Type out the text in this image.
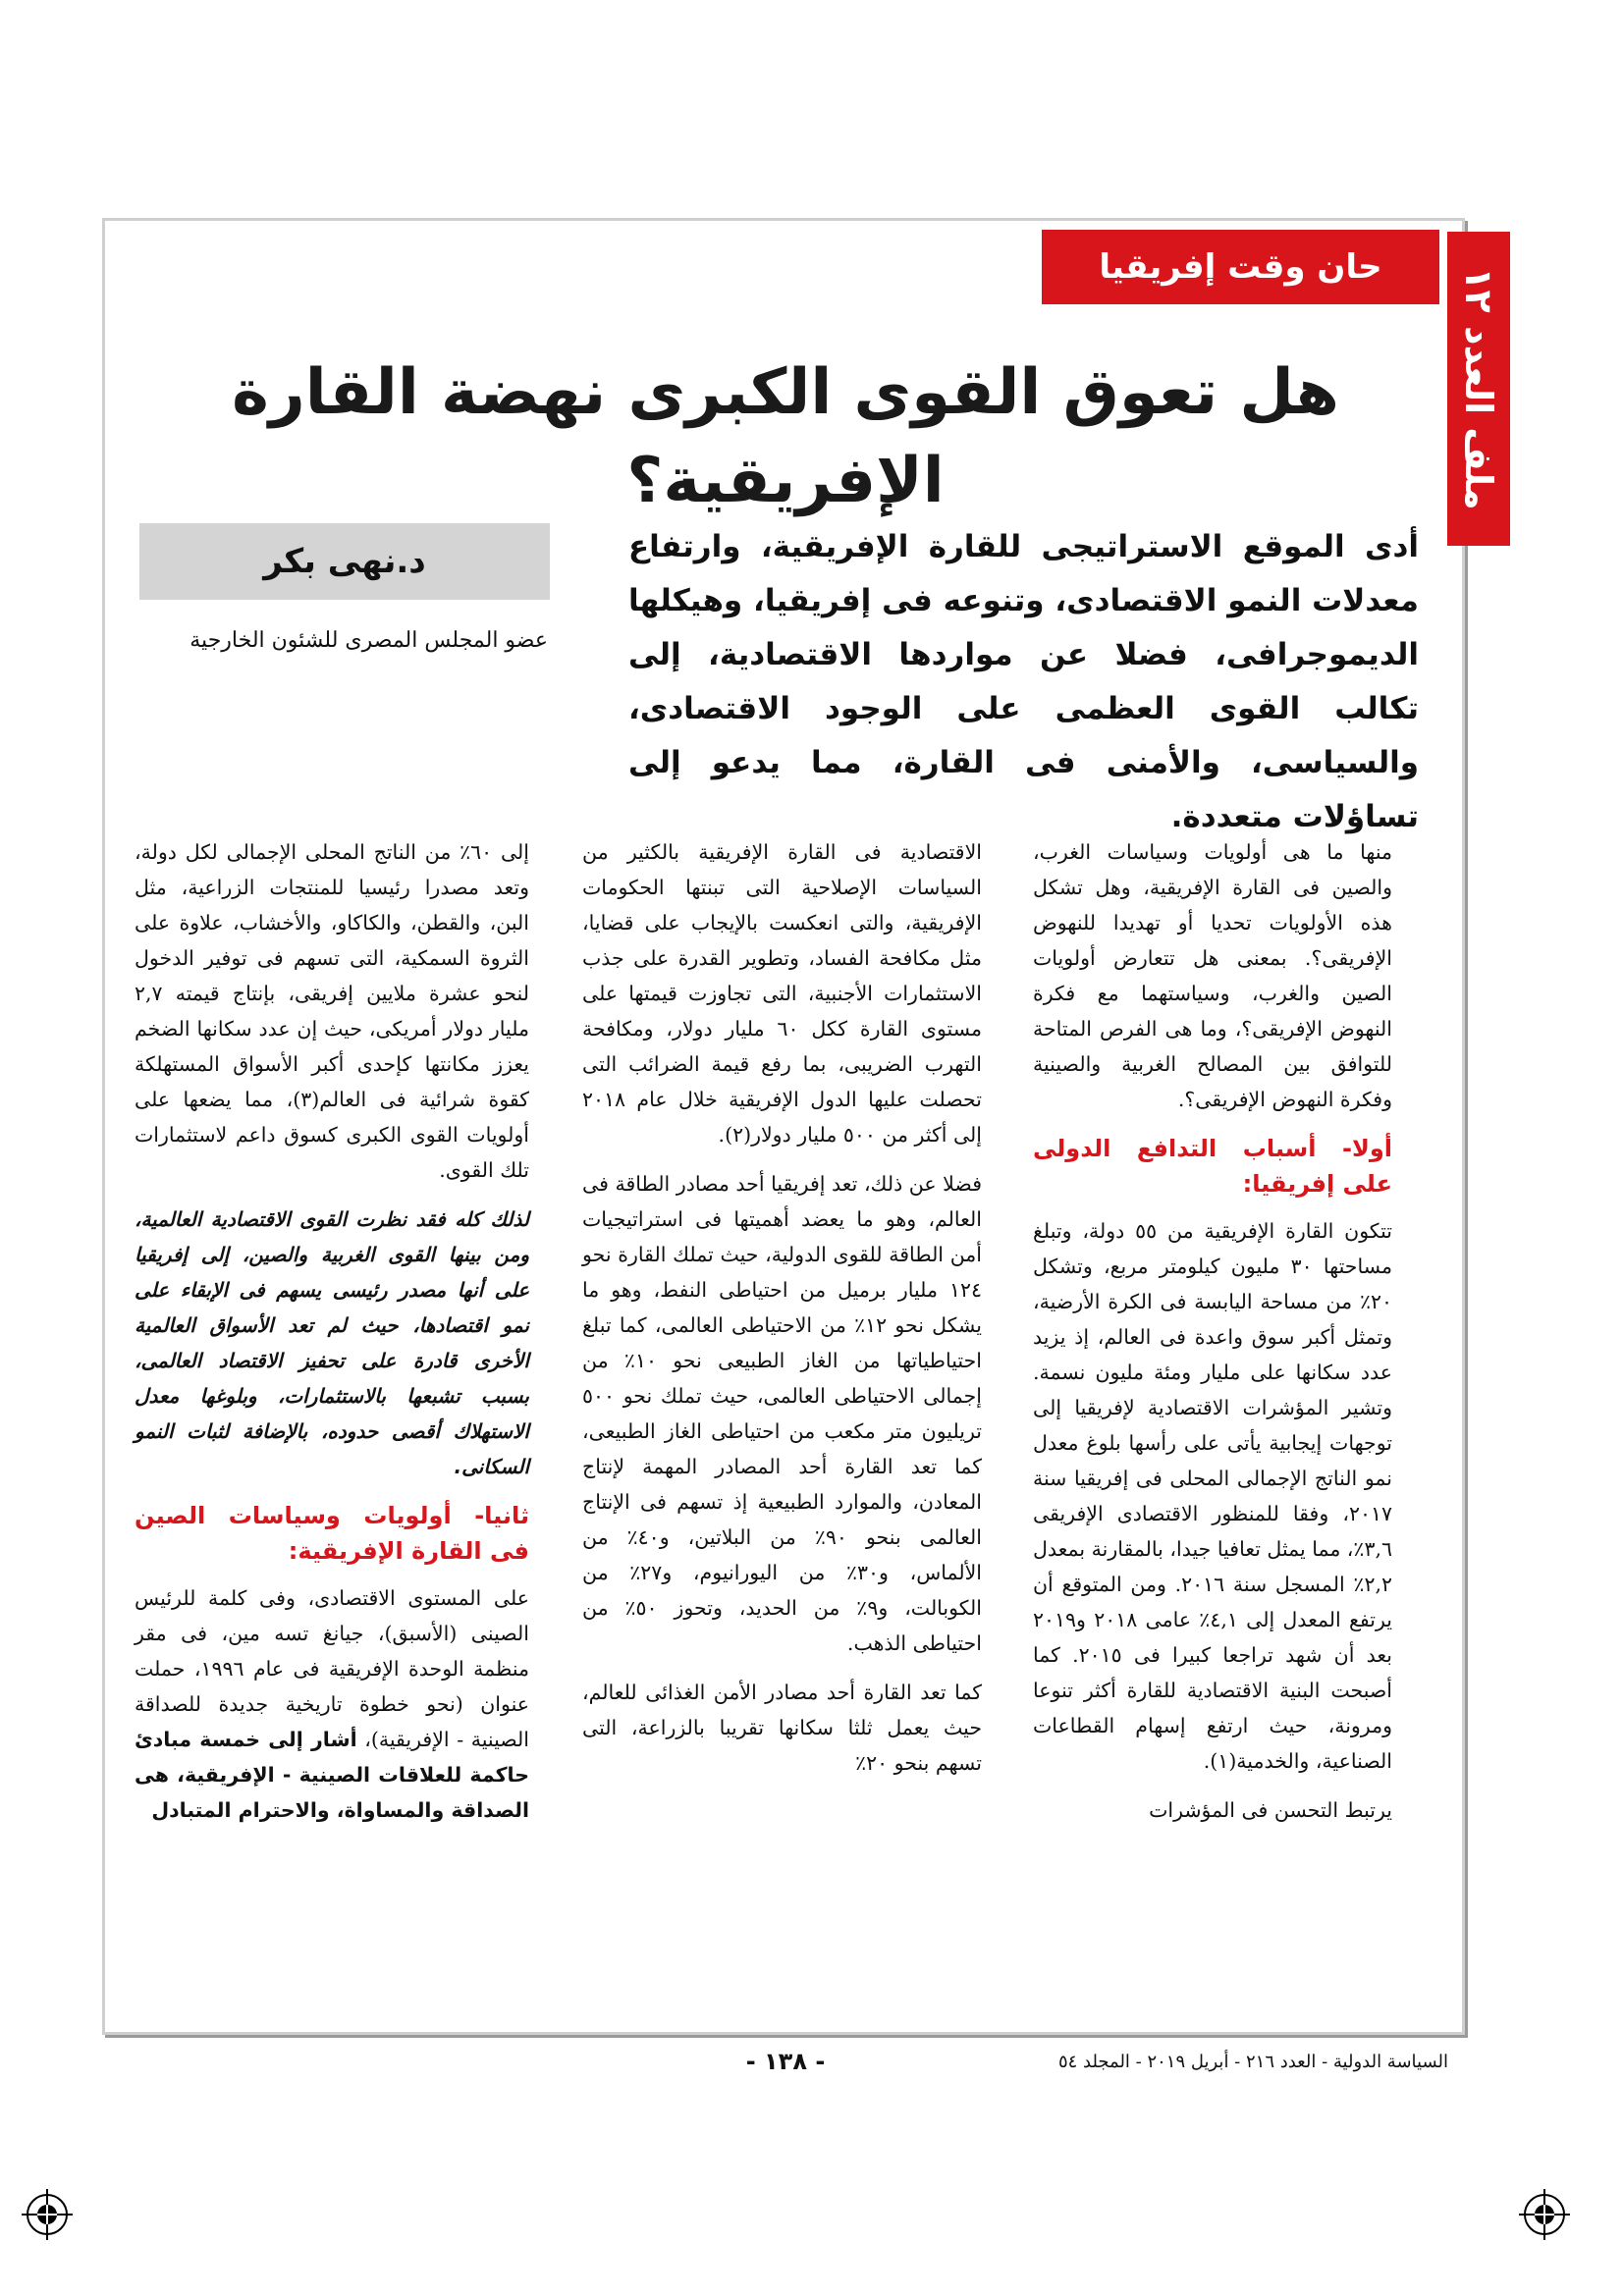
ملف العدد ١٢
حان وقت إفريقيا ..رهانات الصعود
هل تعوق القوى الكبرى نهضة القارة الإفريقية؟
د.نهى بكر
عضو المجلس المصرى للشئون الخارجية
أدى الموقع الاستراتيجى للقارة الإفريقية، وارتفاع معدلات النمو الاقتصادى، وتنوعه فى إفريقيا، وهيكلها الديموجرافى، فضلا عن مواردها الاقتصادية، إلى تكالب القوى العظمى على الوجود الاقتصادى، والسياسى، والأمنى فى القارة، مما يدعو إلى تساؤلات متعددة.

منها ما هى أولويات وسياسات الغرب، والصين فى القارة الإفريقية، وهل تشكل هذه الأولويات تحديا أو تهديدا للنهوض الإفريقى؟. بمعنى هل تتعارض أولويات الصين والغرب، وسياستهما مع فكرة النهوض الإفريقى؟، وما هى الفرص المتاحة للتوافق بين المصالح الغربية والصينية وفكرة النهوض الإفريقى؟.

أولا- أسباب التدافع الدولى على إفريقيا:

تتكون القارة الإفريقية من ٥٥ دولة، وتبلغ مساحتها ٣٠ مليون كيلومتر مربع، وتشكل ٢٠٪ من مساحة اليابسة فى الكرة الأرضية، وتمثل أكبر سوق واعدة فى العالم، إذ يزيد عدد سكانها على مليار ومئة مليون نسمة. وتشير المؤشرات الاقتصادية لإفريقيا إلى توجهات إيجابية يأتى على رأسها بلوغ معدل نمو الناتج الإجمالى المحلى فى إفريقيا سنة ٢٠١٧، وفقا للمنظور الاقتصادى الإفريقى ٣,٦٪، مما يمثل تعافيا جيدا، بالمقارنة بمعدل ٢,٢٪ المسجل سنة ٢٠١٦. ومن المتوقع أن يرتفع المعدل إلى ٤,١٪ عامى ٢٠١٨ و٢٠١٩ بعد أن شهد تراجعا كبيرا فى ٢٠١٥. كما أصبحت البنية الاقتصادية للقارة أكثر تنوعا ومرونة، حيث ارتفع إسهام القطاعات الصناعية، والخدمية(١).

يرتبط التحسن فى المؤشرات

الاقتصادية فى القارة الإفريقية بالكثير من السياسات الإصلاحية التى تبنتها الحكومات الإفريقية، والتى انعكست بالإيجاب على قضايا، مثل مكافحة الفساد، وتطوير القدرة على جذب الاستثمارات الأجنبية، التى تجاوزت قيمتها على مستوى القارة ككل ٦٠ مليار دولار، ومكافحة التهرب الضريبى، بما رفع قيمة الضرائب التى تحصلت عليها الدول الإفريقية خلال عام ٢٠١٨ إلى أكثر من ٥٠٠ مليار دولار(٢).

فضلا عن ذلك، تعد إفريقيا أحد مصادر الطاقة فى العالم، وهو ما يعضد أهميتها فى استراتيجيات أمن الطاقة للقوى الدولية، حيث تملك القارة نحو ١٢٤ مليار برميل من احتياطى النفط، وهو ما يشكل نحو ١٢٪ من الاحتياطى العالمى، كما تبلغ احتياطياتها من الغاز الطبيعى نحو ١٠٪ من إجمالى الاحتياطى العالمى، حيث تملك نحو ٥٠٠ تريليون متر مكعب من احتياطى الغاز الطبيعى، كما تعد القارة أحد المصادر المهمة لإنتاج المعادن، والموارد الطبيعية إذ تسهم فى الإنتاج العالمى بنحو ٩٠٪ من البلاتين، و٤٠٪ من الألماس، و٣٠٪ من اليورانيوم، و٢٧٪ من الكوبالت، و٩٪ من الحديد، وتحوز ٥٠٪ من احتياطى الذهب.

كما تعد القارة أحد مصادر الأمن الغذائى للعالم، حيث يعمل ثلثا سكانها تقريبا بالزراعة، التى تسهم بنحو ٢٠٪

إلى ٦٠٪ من الناتج المحلى الإجمالى لكل دولة، وتعد مصدرا رئيسيا للمنتجات الزراعية، مثل البن، والقطن، والكاكاو، والأخشاب، علاوة على الثروة السمكية، التى تسهم فى توفير الدخول لنحو عشرة ملايين إفريقى، بإنتاج قيمته ٢,٧ مليار دولار أمريكى، حيث إن عدد سكانها الضخم يعزز مكانتها كإحدى أكبر الأسواق المستهلكة كقوة شرائية فى العالم(٣)، مما يضعها على أولويات القوى الكبرى كسوق داعم لاستثمارات تلك القوى.

لذلك كله فقد نظرت القوى الاقتصادية العالمية، ومن بينها القوى الغربية والصين، إلى إفريقيا على أنها مصدر رئيسى يسهم فى الإبقاء على نمو اقتصادها، حيث لم تعد الأسواق العالمية الأخرى قادرة على تحفيز الاقتصاد العالمى، بسبب تشبعها بالاستثمارات، وبلوغها معدل الاستهلاك أقصى حدوده، بالإضافة لثبات النمو السكانى.

ثانيا- أولويات وسياسات الصين فى القارة الإفريقية:

على المستوى الاقتصادى، وفى كلمة للرئيس الصينى (الأسبق)، جيانغ تسه مين، فى مقر منظمة الوحدة الإفريقية فى عام ١٩٩٦، حملت عنوان (نحو خطوة تاريخية جديدة للصداقة الصينية - الإفريقية)، أشار إلى خمسة مبادئ حاكمة للعلاقات الصينية - الإفريقية، هى الصداقة والمساواة، والاحترام المتبادل

السياسة الدولية - العدد ٢١٦ - أبريل ٢٠١٩ - المجلد ٥٤
- ١٣٨ -
